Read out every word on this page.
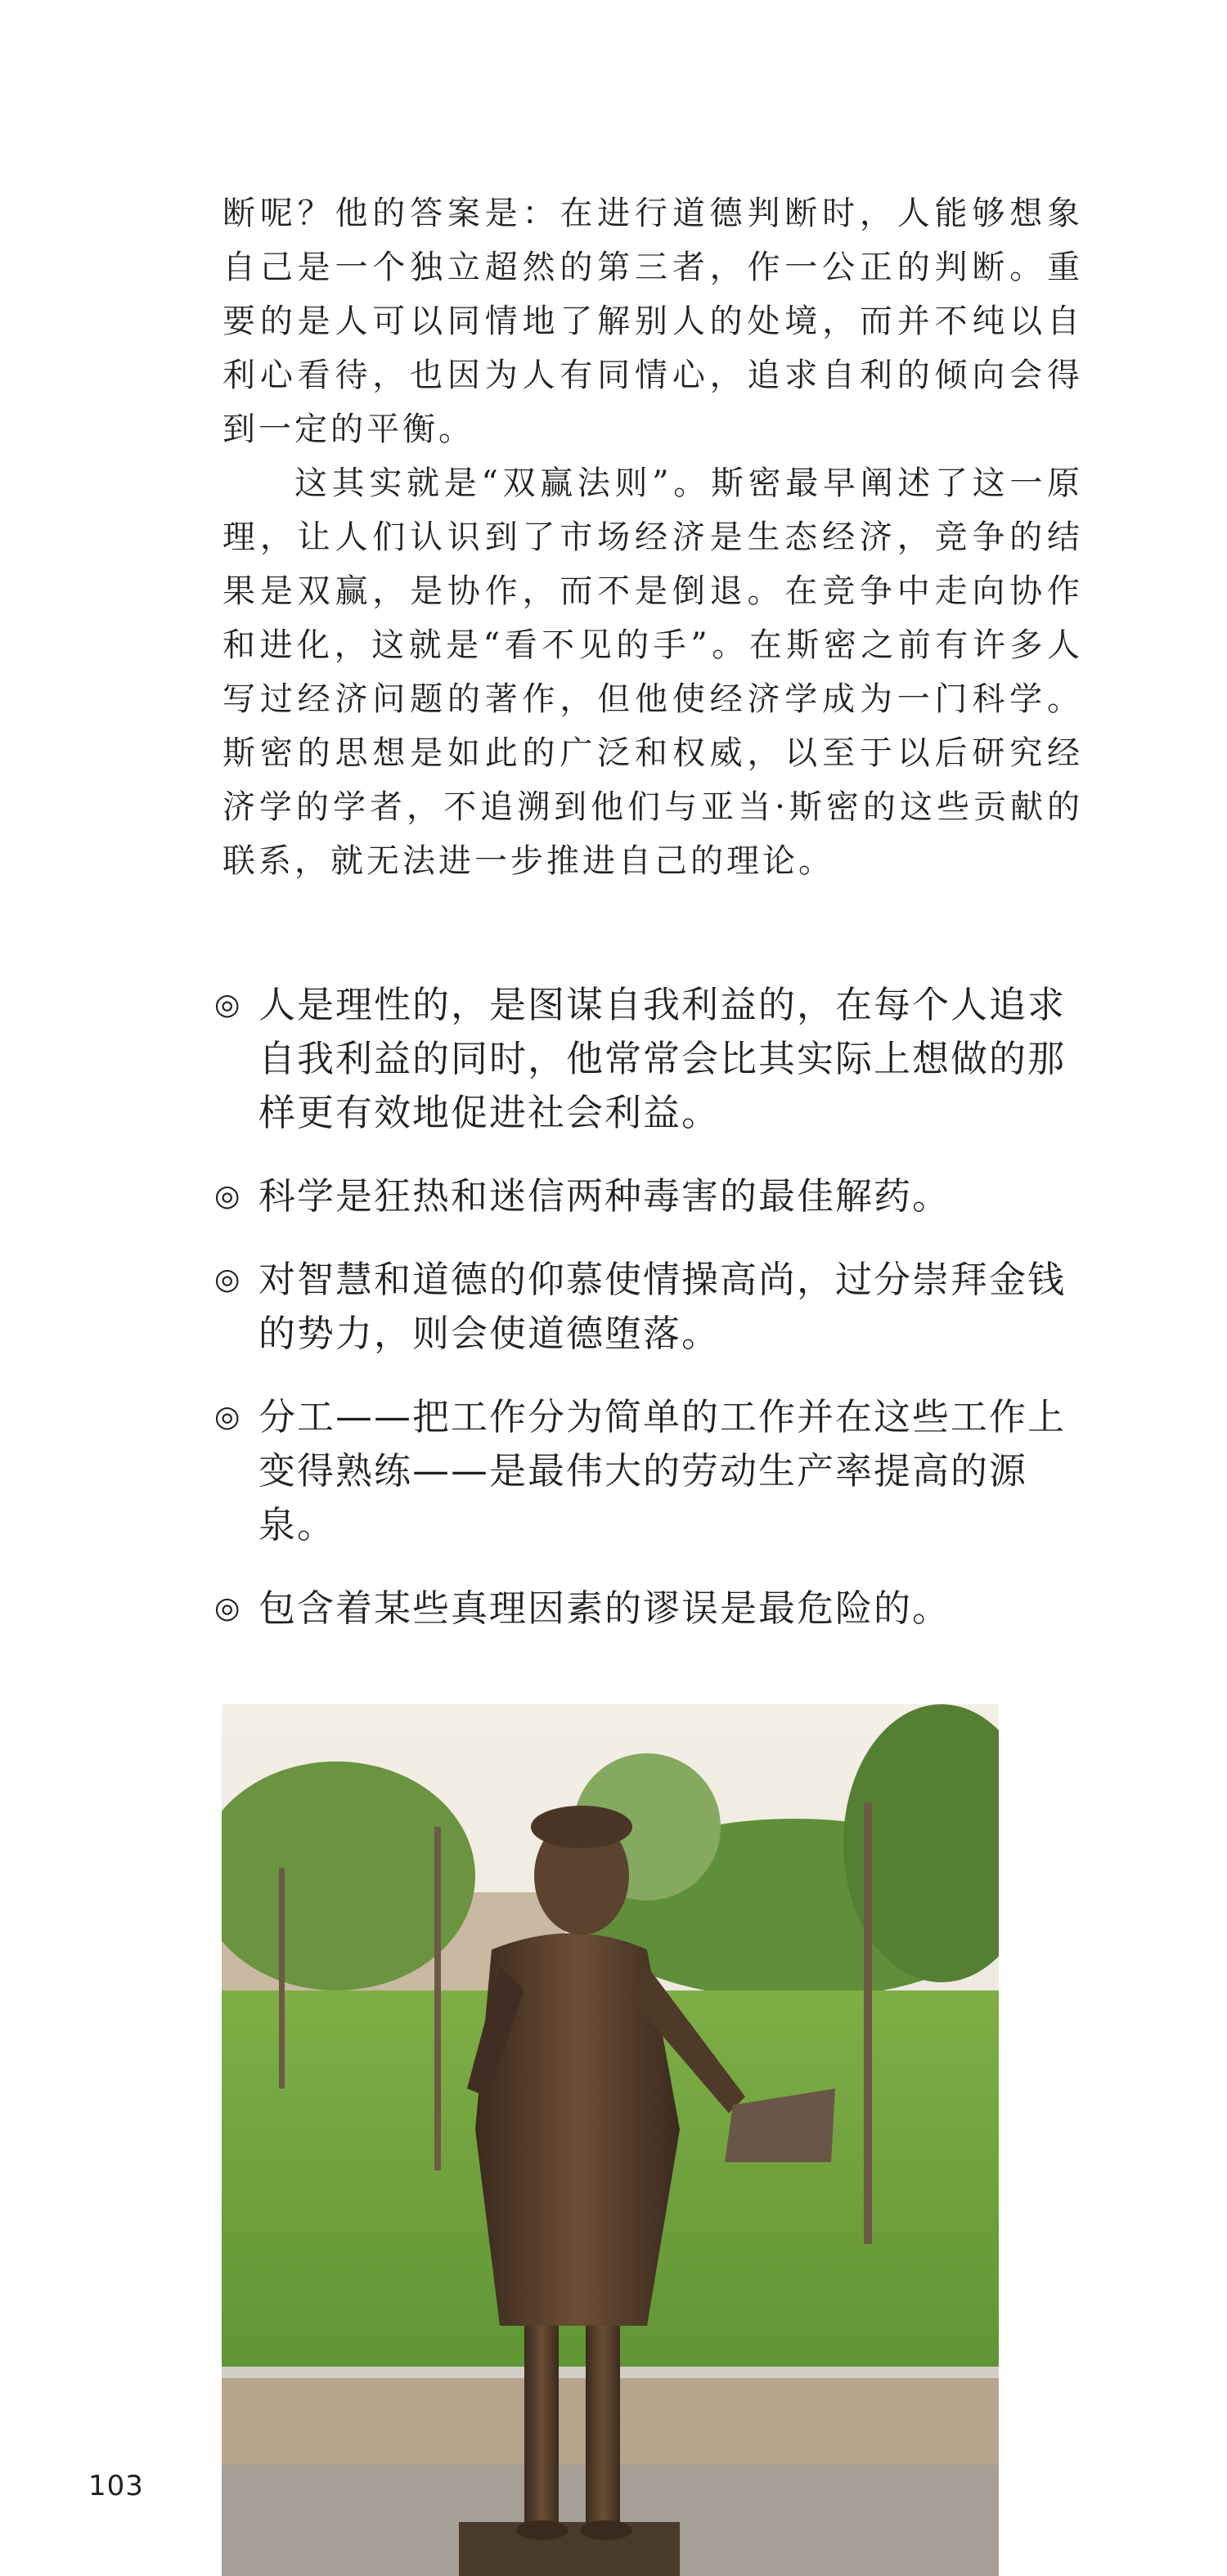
断呢？他的答案是：在进行道德判断时，人能够想象自己是一个独立超然的第三者，作一公正的判断。重要的是人可以同情地了解别人的处境，而并不纯以自利心看待，也因为人有同情心，追求自利的倾向会得到一定的平衡。

这其实就是“双赢法则”。斯密最早阐述了这一原理，让人们认识到了市场经济是生态经济，竞争的结果是双赢，是协作，而不是倒退。在竞争中走向协作和进化，这就是“看不见的手”。在斯密之前有许多人写过经济问题的著作，但他使经济学成为一门科学。斯密的思想是如此的广泛和权威，以至于以后研究经济学的学者，不追溯到他们与亚当·斯密的这些贡献的联系，就无法进一步推进自己的理论。

◎ 人是理性的，是图谋自我利益的，在每个人追求自我利益的同时，他常常会比其实际上想做的那样更有效地促进社会利益。
◎ 科学是狂热和迷信两种毒害的最佳解药。
◎ 对智慧和道德的仰慕使情操高尚，过分崇拜金钱的势力，则会使道德堕落。
◎ 分工——把工作分为简单的工作并在这些工作上变得熟练——是最伟大的劳动生产率提高的源泉。
◎ 包含着某些真理因素的谬误是最危险的。
103
